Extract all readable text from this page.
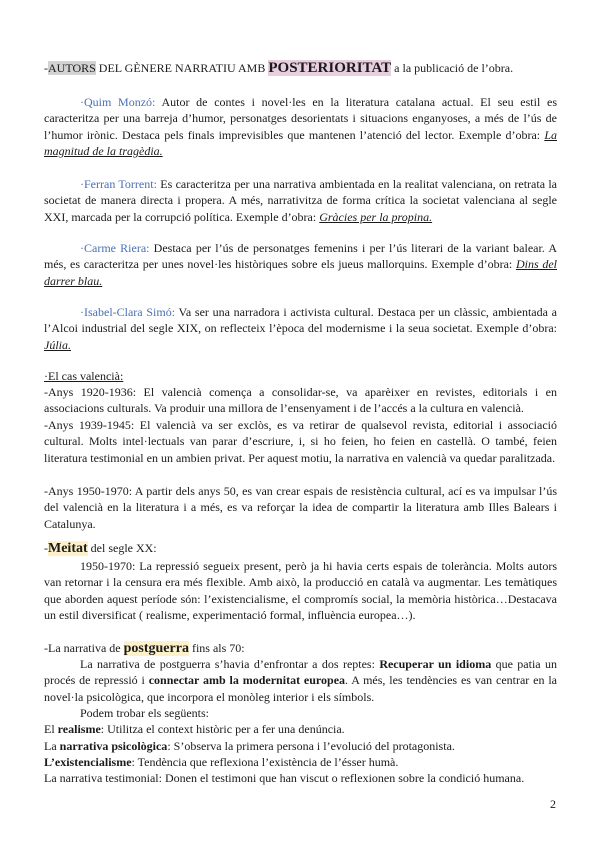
-AUTORS DEL GÈNERE NARRATIU AMB POSTERIORITAT a la publicació de l’obra.

·Quim Monzó: Autor de contes i novel·les en la literatura catalana actual. El seu estil es caracteritza per una barreja d’humor, personatges desorientats i situacions enganyoses, a més de l’ús de l’humor irònic. Destaca pels finals imprevisibles que mantenen l’atenció del lector. Exemple d’obra: La magnitud de la tragèdia.

·Ferran Torrent: Es caracteritza per una narrativa ambientada en la realitat valenciana, on retrata la societat de manera directa i propera. A més, narrativitza de forma crítica la societat valenciana al segle XXI, marcada per la corrupció política. Exemple d’obra: Gràcies per la propina.

·Carme Riera: Destaca per l’ús de personatges femenins i per l’ús literari de la variant balear. A més, es caracteritza per unes novel·les històriques sobre els jueus mallorquins. Exemple d’obra: Dins del darrer blau.

·Isabel-Clara Simó: Va ser una narradora i activista cultural. Destaca per un clàssic, ambientada a l’Alcoi industrial del segle XIX, on reflecteix l’època del modernisme i la seua societat. Exemple d’obra: Júlia.

·El cas valencià:

-Anys 1920-1936: El valencià comença a consolidar-se, va aparèixer en revistes, editorials i en associacions culturals. Va produir una millora de l’ensenyament i de l’accés a la cultura en valencià.

-Anys 1939-1945: El valencià va ser exclòs, es va retirar de qualsevol revista, editorial i associació cultural. Molts intel·lectuals van parar d’escriure, i, si ho feien, ho feien en castellà. O també, feien literatura testimonial en un ambien privat. Per aquest motiu, la narrativa en valencià va quedar paralitzada.

-Anys 1950-1970: A partir dels anys 50, es van crear espais de resistència cultural, ací es va impulsar l’ús del valencià en la literatura i a més, es va reforçar la idea de compartir la literatura amb Illes Balears i Catalunya.

-Meitat del segle XX:

1950-1970: La repressió segueix present, però ja hi havia certs espais de tolerància. Molts autors van retornar i la censura era més flexible. Amb això, la producció en català va augmentar. Les temàtiques que aborden aquest període són: l’existencialisme, el compromís social, la memòria històrica…Destacava un estil diversificat ( realisme, experimentació formal, influència europea…).

-La narrativa de postguerra fins als 70:

La narrativa de postguerra s’havia d’enfrontar a dos reptes: Recuperar un idioma que patia un procés de repressió i connectar amb la modernitat europea. A més, les tendències es van centrar en la novel·la psicològica, que incorpora el monòleg interior i els símbols.

Podem trobar els següents:

El realisme: Utilitza el context històric per a fer una denúncia.

La narrativa psicològica: S’observa la primera persona i l’evolució del protagonista.

L’existencialisme: Tendència que reflexiona l’existència de l’ésser humà.

La narrativa testimonial: Donen el testimoni que han viscut o reflexionen sobre la condició humana.

2
